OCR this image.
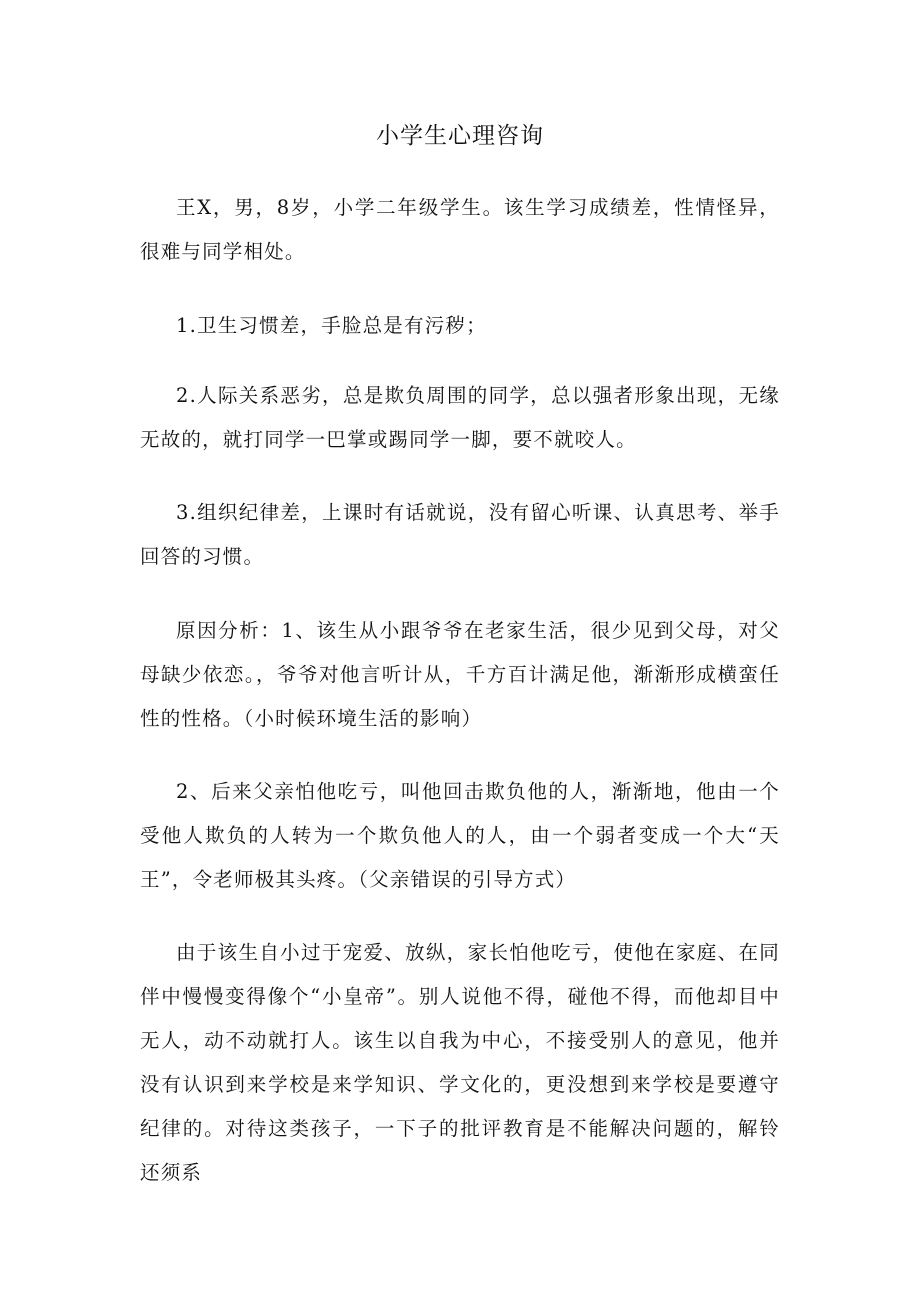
小学生心理咨询

王X，男，8岁，小学二年级学生。该生学习成绩差，性情怪异，很难与同学相处。

1.卫生习惯差，手脸总是有污秽；

2.人际关系恶劣，总是欺负周围的同学，总以强者形象出现，无缘无故的，就打同学一巴掌或踢同学一脚，要不就咬人。

3.组织纪律差，上课时有话就说，没有留心听课、认真思考、举手回答的习惯。

原因分析：1、该生从小跟爷爷在老家生活，很少见到父母，对父母缺少依恋。，爷爷对他言听计从，千方百计满足他，渐渐形成横蛮任性的性格。（小时候环境生活的影响）

2、后来父亲怕他吃亏，叫他回击欺负他的人，渐渐地，他由一个受他人欺负的人转为一个欺负他人的人，由一个弱者变成一个大“天王”，令老师极其头疼。（父亲错误的引导方式）

由于该生自小过于宠爱、放纵，家长怕他吃亏，使他在家庭、在同伴中慢慢变得像个“小皇帝”。别人说他不得，碰他不得，而他却目中无人，动不动就打人。该生以自我为中心，不接受别人的意见，他并没有认识到来学校是来学知识、学文化的，更没想到来学校是要遵守纪律的。对待这类孩子，一下子的批评教育是不能解决问题的，解铃还须系
